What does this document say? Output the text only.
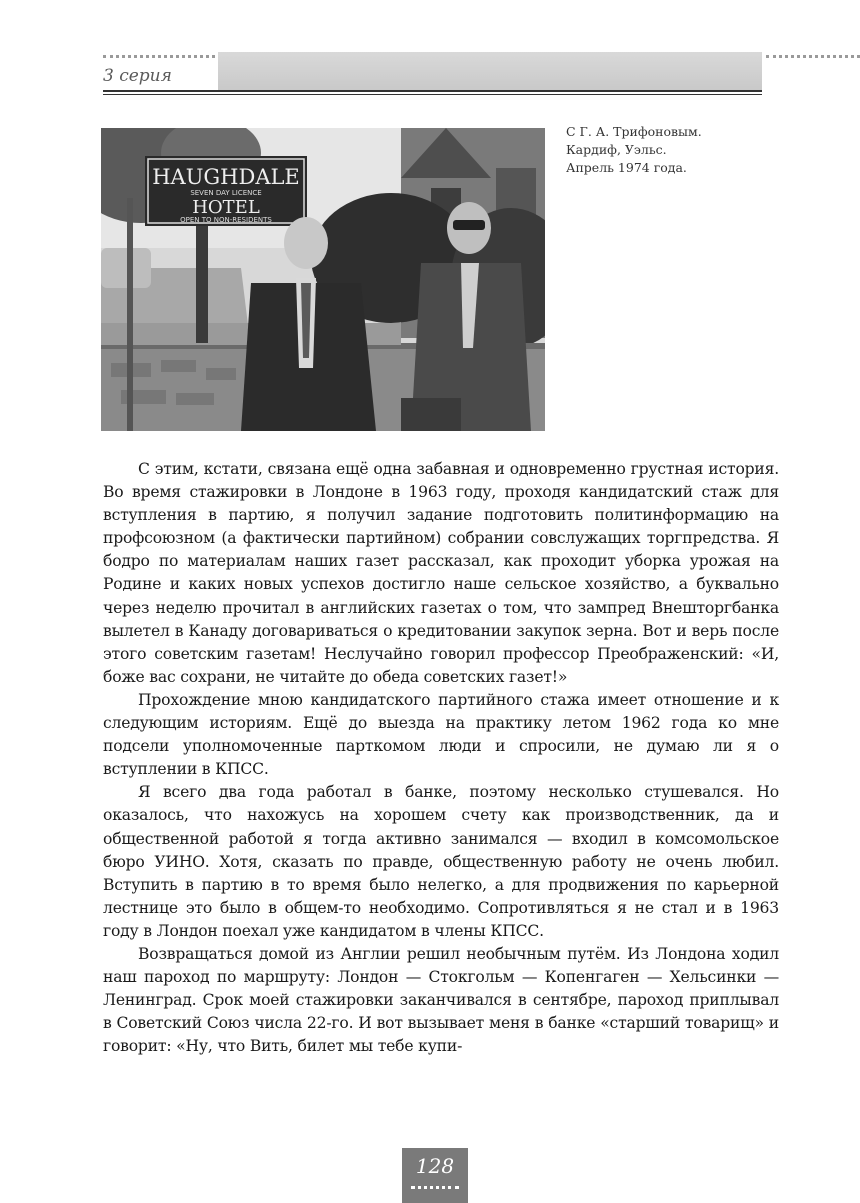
3 серия
HAUGHDALE
SEVEN DAY LICENCE
HOTEL
OPEN TO NON-RESIDENTS
С Г. А. Трифоновым.
Кардиф, Уэльс.
Апрель 1974 года.

С этим, кстати, связана ещё одна забавная и одновременно грустная история. Во время стажировки в Лондоне в 1963 году, проходя кандидатский стаж для вступления в партию, я получил задание подготовить политинформацию на профсоюзном (а фактически партийном) собрании совслужащих торгпредства. Я бодро по материалам наших газет рассказал, как проходит уборка урожая на Родине и каких новых успехов достигло наше сельское хозяйство, а буквально через неделю прочитал в английских газетах о том, что зампред Внешторгбанка вылетел в Канаду договариваться о кредитовании закупок зерна. Вот и верь после этого советским газетам! Неслучайно говорил профессор Преображенский: «И, боже вас сохрани, не читайте до обеда советских газет!»

Прохождение мною кандидатского партийного стажа имеет отношение и к следующим историям. Ещё до выезда на практику летом 1962 года ко мне подсели уполномоченные парткомом люди и спросили, не думаю ли я о вступлении в КПСС.

Я всего два года работал в банке, поэтому несколько стушевался. Но оказалось, что нахожусь на хорошем счету как производственник, да и общественной работой я тогда активно занимался — входил в комсомольское бюро УИНО. Хотя, сказать по правде, общественную работу не очень любил. Вступить в партию в то время было нелегко, а для продвижения по карьерной лестнице это было в общем-то необходимо. Сопротивляться я не стал и в 1963 году в Лондон поехал уже кандидатом в члены КПСС.

Возвращаться домой из Англии решил необычным путём. Из Лондона ходил наш пароход по маршруту: Лондон — Стокгольм — Копенгаген — Хельсинки — Ленинград. Срок моей стажировки заканчивался в сентябре, пароход приплывал в Советский Союз числа 22-го. И вот вызывает меня в банке «старший товарищ» и говорит: «Ну, что Вить, билет мы тебе купи-

128
